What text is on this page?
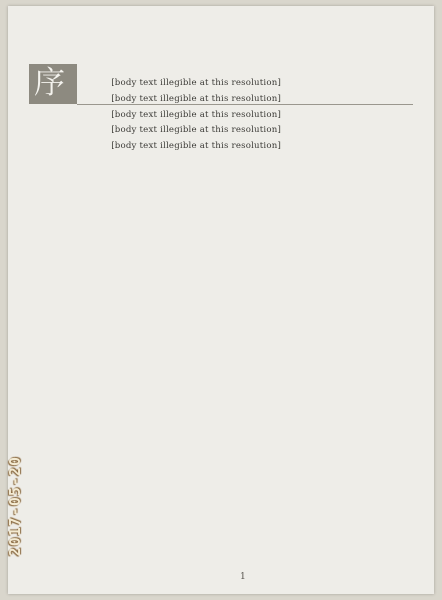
序	[body text illegible at this resolution]

[body text illegible at this resolution]

[body text illegible at this resolution]

[body text illegible at this resolution]

[body text illegible at this resolution]

1
2017-05-20
